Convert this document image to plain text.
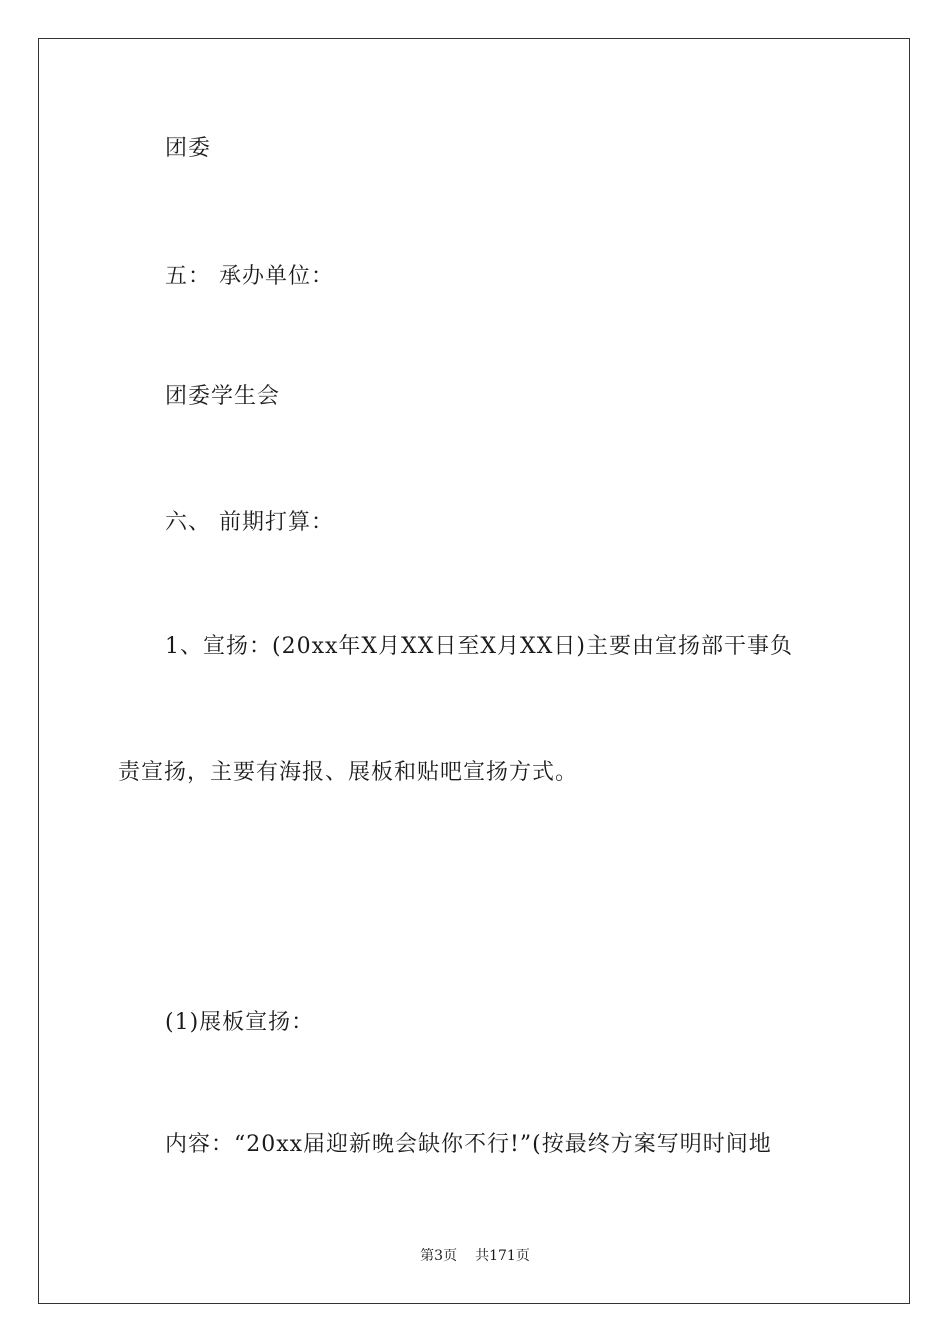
团委
五： 承办单位：
团委学生会
六、 前期打算：
1、宣扬：(20xx年X月XX日至X月XX日)主要由宣扬部干事负
责宣扬，主要有海报、展板和贴吧宣扬方式。
(1)展板宣扬：
内容：“20xx届迎新晚会缺你不行!”(按最终方案写明时间地
第3页 共171页
